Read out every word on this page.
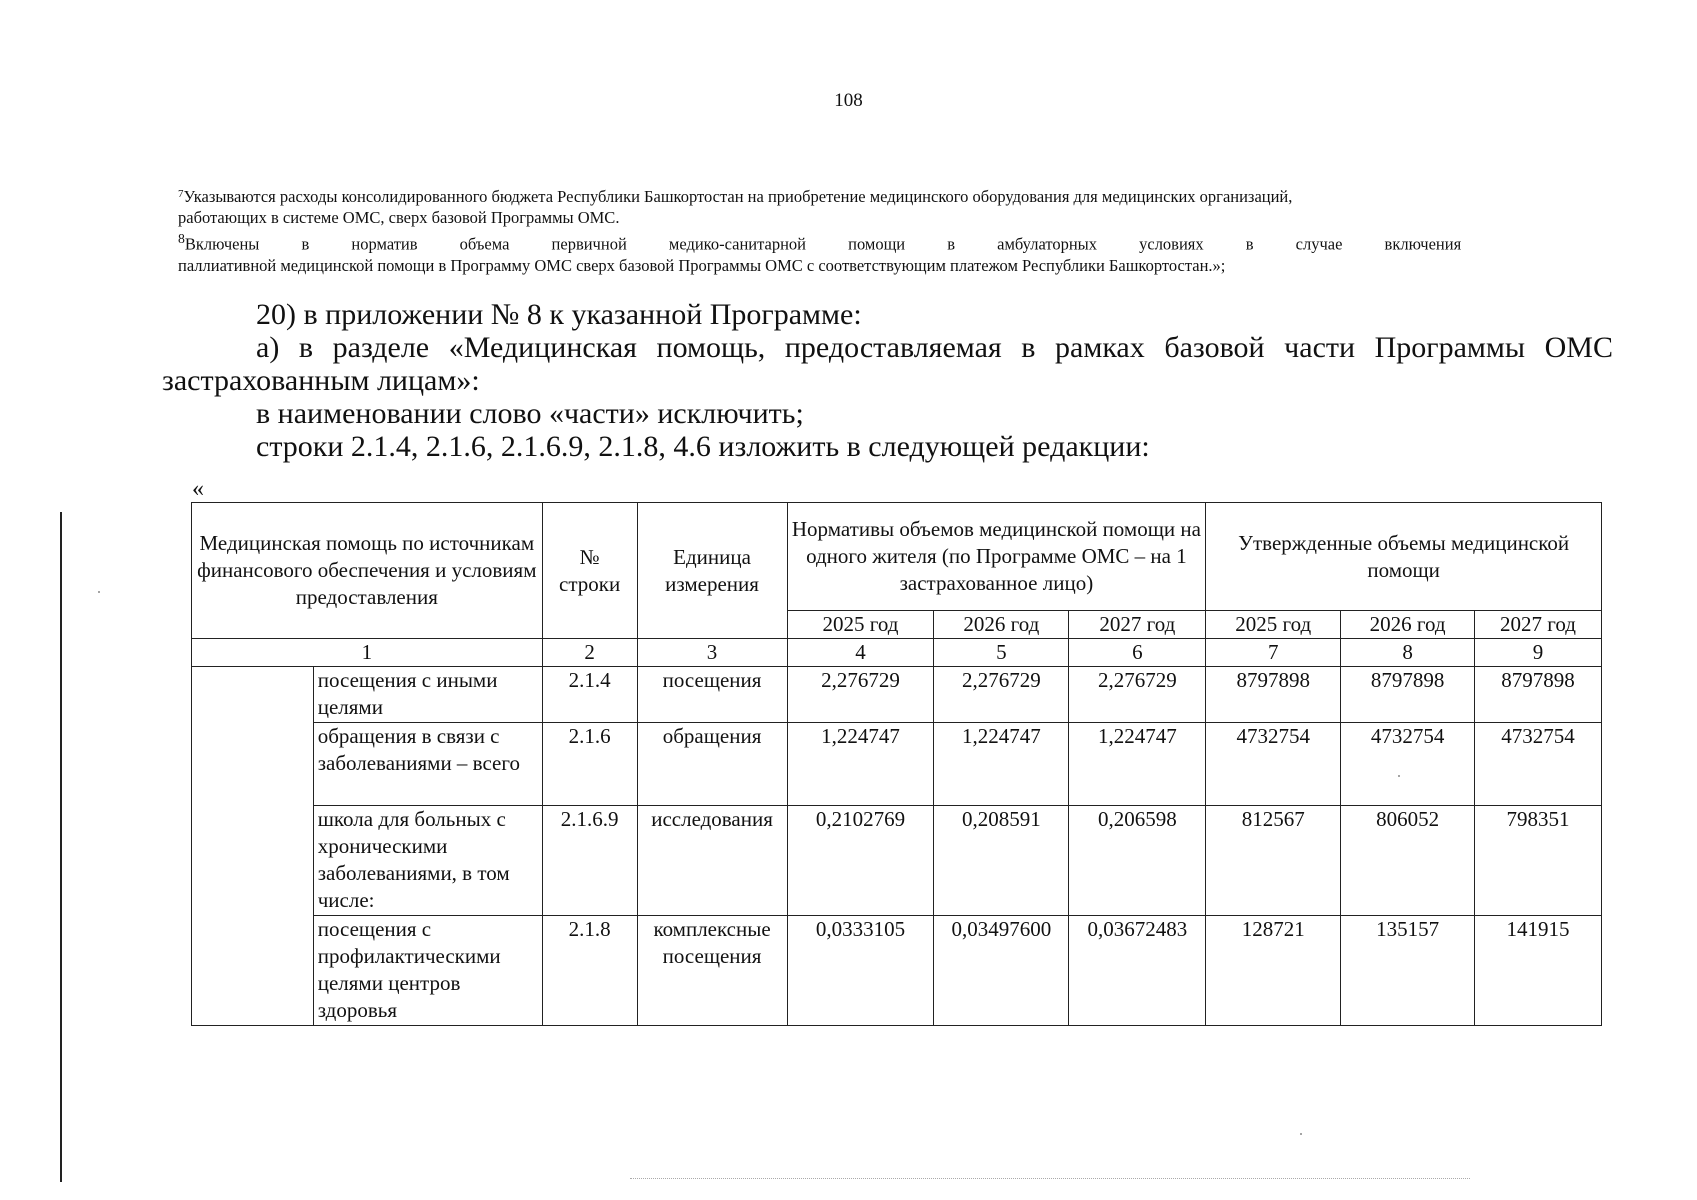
108
$^7$Указываются расходы консолидированного бюджета Республики Башкортостан на приобретение медицинского оборудования для медицинских организаций,
работающих в системе ОМС, сверх базовой Программы ОМС.
$^8$Включены в норматив объема первичной медико-санитарной помощи в амбулаторных условиях в случае включения
паллиативной медицинской помощи в Программу ОМС сверх базовой Программы ОМС с соответствующим платежом Республики Башкортостан.»;

20) в приложении № 8 к указанной Программе:

а) в разделе «Медицинская помощь, предоставляемая в рамках базовой части Программы ОМС

застрахованным лицам»:

в наименовании слово «части» исключить;

строки 2.1.4, 2.1.6, 2.1.6.9, 2.1.8, 4.6 изложить в следующей редакции:

«
Медицинская помощь по источникам финансового обеспечения и условиям предоставления		№ строки	Единица измерения	Нормативы объемов медицинской помощи на одного жителя (по Программе ОМС – на 1 застрахованное лицо)			Утвержденные объемы медицинской помощи		
				2025 год	2026 год	2027 год	2025 год	2026 год	2027 год
1		2	3	4	5	6	7	8	9
	посещения с иными целями	2.1.4	посещения	2,276729	2,276729	2,276729	8797898	8797898	8797898
	обращения в связи с заболеваниями – всего	2.1.6	обращения	1,224747	1,224747	1,224747	4732754	4732754	4732754
	школа для больных с хроническими заболеваниями, в том числе:	2.1.6.9	исследования	0,2102769	0,208591	0,206598	812567	806052	798351
	посещения с профилактическими целями центров здоровья	2.1.8	комплексные посещения	0,0333105	0,03497600	0,03672483	128721	135157	141915
